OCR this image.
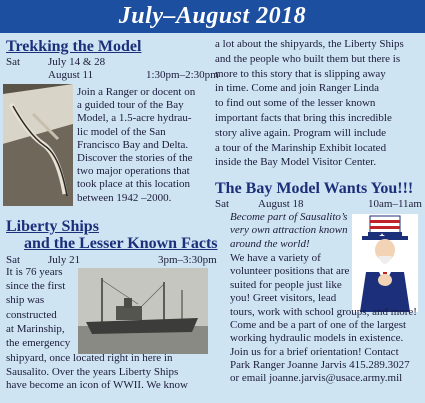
July–August 2018
Trekking the Model
Sat	July 14 & 28
August 11	1:30pm–2:30pm
Join a Ranger or docent on
a guided tour of the Bay
Model, a 1.5-acre hydrau-
lic model of the San
Francisco Bay and Delta.
Discover the stories of the
two major operations that
took place at this location
between 1942 –2000.
Liberty Ships
and the Lesser Known Facts
Sat	July 21	3pm–3:30pm
It is 76 years
since the first
ship was
constructed
at Marinship,
the emergency
shipyard, once located right in here in
Sausalito. Over the years Liberty Ships
have become an icon of WWII. We know
a lot about the shipyards, the Liberty Ships
and the people who built them but there is
more to this story that is slipping away
in time. Come and join Ranger Linda
to find out some of the lesser known
important facts that bring this incredible
story alive again. Program will include
a tour of the Marinship Exhibit located
inside the Bay Model Visitor Center.
The Bay Model Wants You!!!
Sat	August 18	10am–11am
Become part of Sausalito’s
very own attraction known
around the world!
We have a variety of
volunteer positions that are
suited for people just like
you! Greet visitors, lead
tours, work with school groups, and more!
Come and be a part of one of the largest
working hydraulic models in existence.
Join us for a brief orientation! Contact
Park Ranger Joanne Jarvis 415.289.3027
or email joanne.jarvis@usace.army.mil
